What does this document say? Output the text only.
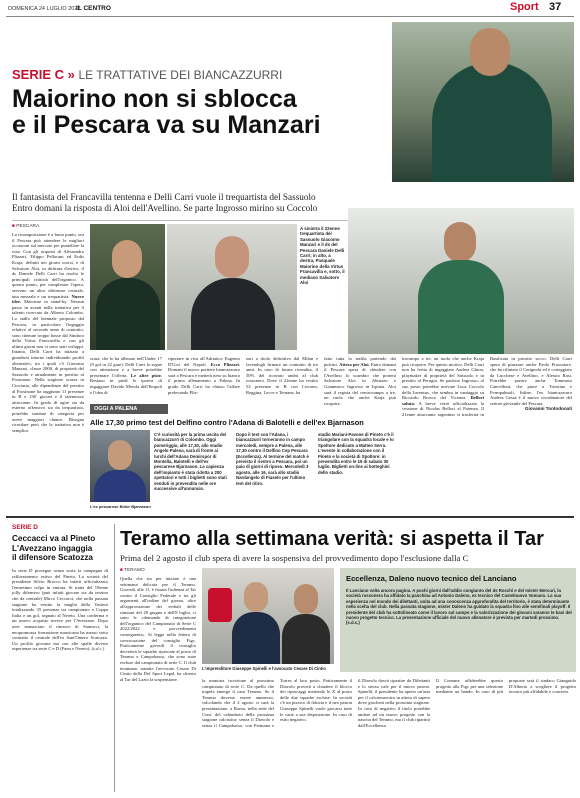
DOMENICA 24 LUGLIO 2022
IL CENTRO	Sport 37
SERIE C » LE TRATTATIVE DEI BIANCAZZURRI
Maiorino non si sblocca
e il Pescara va su Manzari
Il fantasista del Francavilla tentenna e Delli Carri vuole il trequartista del Sassuolo
Entro domani la risposta di Aloi dell'Avellino. Se parte Ingrosso mirino su Coccolo
■ PESCARA
La ricomposizione è a buon punto, ora il Pescara può attendere le migliori occasioni sul mercato per puntellare la rosa. Con gli acquisti di Alessandro Plizzari, Filippo Pellacani ed Erdis Kraja, definiti nei giorni scorsi, e di Salvatore Aloi, in dirittura d'arrivo, il ds Daniele Delli Carri ha risolto le principali criticità dell'organico. A questo punto, per completare l'opera, servono un altro difensore centrale, una mezzala e un trequartista. Nuove idee. Maiorino in stand-by. Nessun passo in avanti nella trattativa per il talento ricercato da Alberto Colombo. Lo stallo del biennale proposto dal Pescara, in particolare l'ingaggio relativo al secondo anno di contratto, sono ritenute troppo basse dal Sindaco della Virtus Francavilla e con gli ultimi giorni non ci sono stati sviluppi. Intanto, Delli Carri ha iniziato a guardarsi intorno individuando profili alternativi, tra i quali c'è Giacomo Manzari, classe 2000, di proprietà del Sassuolo e attualmente in prestito al Frosinone. Nella stagione scorsa in Ciociaria, alle dipendenze del prestito al Frosinone ha raggiunto 11 presenze in B e 136' giocati e il talentuoso attaccante. In grado di agire sia da esterno offensivo sia da trequartista, potrebbe sondare di categoria per avere maggiori chance. Bisogna ricordare però che la trattativa non è semplice.
A sinistra il 22enne trequartista del Sassuolo Giacomo Manzari e il ds del Pescara Daniele Delli Carri; in alto, a destra, Pasquale Maiorino della Virtus Francavilla e, sotto, il mediano Salvatore Aloi
scara, che lo ha allenato nell'Under 17 (9 gol in 22 gare). Delli Carri lo segue con attenzione e a breve potrebbe presentare l'offerta. Le altre piste. Restano in piedi le ipotesi di ingaggiare Davide Merola dell'Empoli e l'idea di
riportare in riva all'Adriatico Eugenio D'Ursi del Napoli. Ecco Plizzari. Domani il nuovo portiere biancazzurro sarà a Pescara e metterà nero su bianco il primo allenamento a Palena. In grado Delli Carri ha chiuso l'affare prelevando Pliz-
zari a titolo definitivo dal Milan e facendogli firmare un contratto di tre anni. In caso di futura rivendita, il 50% del ricavato andrà al club rossonero. Dove il 22enne ha vestito 53 presenze in B con Livorno, Reggina, Lecce e Ternana, ha
fatto tutta la trafila partendo dai pulcini. Attesa per Aloi. Entro domani il Pescara spera di chiudere con l'Avellino lo scambio che porterà Salvatore Aloi in Abruzzo e Gianmarco Ingrosso in Irpinia. Aloi sarà il regista del centrocampo a tre, un ruolo che anche Kraja può ricoprire.
trocampo a tre, un ruolo che anche Kraja può ricoprire. Per questo motivo, Delli Carri non ha fretta di ingaggiare Andrea Ghion, playmaker di proprietà del Sassuolo e in prestito al Perugia. Se partisse Ingrosso, al suo posto potrebbe arrivare Luca Coccolo della Juventus, che sembra in vantaggio su Riccardo Brosco del Vicenza. Bellori saluta. A breve verrà ufficializzata la cessione di Nicolas Bellori al Potenza. Il 21enne attaccante argentino si trasferirà in Basilicata in prestito secco. Delli Carri spera di piazzare anche Paolo Frascatore, che ha rifiutato il Cerignola ed è corteggiato da Lucchese e Avellino, e Alessio Rasi. Potrebbe partire anche Tommaso Cancellotti, che piace a Triestina e Fermpalmoli. Infine, l'ex biancazzurro Andrea Gessa è il nuovo coordinatore del settore giovanile del Pescara.
Giovanni Tontodonati
OGGI A PALENA
Alle 17,30 primo test del Delfino contro l'Adana di Balotelli e dell'ex Bjarnason
L'ex pescarese Birkir Bjarnason
C'è curiosità per la prima uscita dei biancazzurri di Colombo. Oggi pomeriggio, alle 17,30, allo stadio Angelo Palena, sarà di fronte ai turchi dell'Adana Demirspor di Montella, Balotelli e dell'ex pescarese Bjarnason. La capienza dell'impianto è stata ridotta a 200 spettatori e tutti i biglietti sono stati venduti in prevendita nelle ore successive all'annuncio.
Dopo il test con l'Adana, i biancazzurri torneranno in campo mercoledì, sempre a Palena, alle 17,30 contro il Delfino Cep Pescara (Eccellenza). Al termine del match è previsto il rientro a Pescara, poi un paio di giorni di riposo. Mercoledì 3 agosto, alle 16, sarà allo stadio Nardangelo di Fiuselo per l'ultimo test del ritiro.
stadio Mariani-Pavone di Pineto c'è il triangolare con la squadra locale e lo Spoltore dedicato a Matteo Serra. L'evento in collaborazione con il Pineto e la società di Spoltore: in prevendita entro le 19 di sabato 30 luglio. Biglietti on-line ai botteghini dello stadio.
SERIE D
Ceccacci va al Pineto
L'Avezzano ingaggia
il difensore Scatozza
In serie D prosegue senza sosta la campagna di rafforzamento estivo del Pineto. La società del presidente Silvio Brocco ha infatti ufficializzato l'ennesimo colpo in entrata. Si tratta del 19enne jolly difensivo (può infatti giocare sia da terzino che da centrale) Mirco Ceccacci, che nella passata stagione ha vestito la maglia della Vastese totalizzando 35 presenze tra campionato e Coppa Italia e un gol, segnato al Nereto. Una conferma e un nuovo acquisto invece per l'Avezzano. Dopo aver annunciato il rinnovo di Santucci, la neopromossa formazione marsicana ha messo sotto contratto il centrale dell'ex Sant'Omero Scatozza. Un profilo giovane ma con alle spalle diverse esperienze tra serie C e D (Fano e Nereto). (s.d.c.)
Teramo alla settimana verità: si aspetta il Tar
Prima del 2 agosto il club spera di avere la sospensiva del provvedimento dopo l'esclusione dalla C
■ TERAMO
Quella che sta per iniziare è una settimana delicata per il Teramo. Giovedì, alle 11, è fissata l'udienza al Tar contro il Consiglio Federale e tra gli argomenti all'ordine del giorno, oltre all'approvazione dei verbali delle riunioni del 28 giugno e dell'8 luglio, ci sono le «domande di integrazione dell'organico del Campionato di Serie C 2022/2022 e provvedimenti conseguenti». Si legge nella lettera di convocazione del consiglio Figc. Praticamente giovedì il consiglio decreterà le squadre ripescate al posto di Teramo e Campobasso, che sono state escluse dal campionato di serie C. Il club teramano, tramite l'avvocato Cesare Di Cintio della Def Sport Legal, ha chiesto al Tar del Lazio la sospensione.
L'imprenditore Giuseppe Spinelli e l'avvocato Cesare Di Cintio
la mancata iscrizione al prossimo campionato di serie C. Da quello che trapela emerge il caso Teramo. Se il Teramo dovesse essere ammesso, calcolando che il 2 agosto ci sarà la presentazione, a Roma, nella sede del Coni, del calendario della prossima stagione calcistica: senza il Diavolo e senza il Campobasso, con Fermana e Torres al loro posto. Praticamente il Diavolo proverà a chiudere il blocco dei ripescaggi mettendo le X al posto delle due squadre escluse. In società c'è un pizzico di fiducia e il neo patron Giuseppe Spinelli vuole giocarsi tutte le carte a sua disposizione. In caso di esito negativo,
il Diavolo dovrà ripartire da Dilettanti e lo stesso vale per il nuovo patron. Spinelli, il presidente ha aperto un'asta per il calciomercato in attesa di sapere dove giocherà nella prossima stagione. In caso di negativo il titolo potrebbe andare ad un nuovo progetto con la nascita del Teramo, ma il club ripartirà dall'Eccellenza.
Eccellenza, Daleno nuovo tecnico del Lanciano
Il Lanciano volta ancora pagina. A pochi giorni dall'addio congiunto del ds Rocchi e del mister Mercuri, la società rossonera ha affidato la panchina ad Antonio Daleno, ex tecnico del Castelnuovo Vomano. La sua esperienza nel mondo dei dilettanti, unita ad una conoscenza approfondita del territorio, è stata determinante nella scelta del club. Nella passata stagione, mister Daleno ha guidato la squadra fino alle semifinali playoff. Il presidente del club ha sottolineato come il lavoro sul campo e la valorizzazione dei giovani saranno le basi del nuovo progetto tecnico. La presentazione ufficiale del nuovo allenatore è prevista per martedì prossimo. (s.d.c.)
Il Comune affiderebbe questo progetto alla Figc per una selezione mediante un bando. In caso di più proposte sarà il sindaco Gianguido D'Alberto a scegliere il progetto tecnico più affidabile e concreto.
